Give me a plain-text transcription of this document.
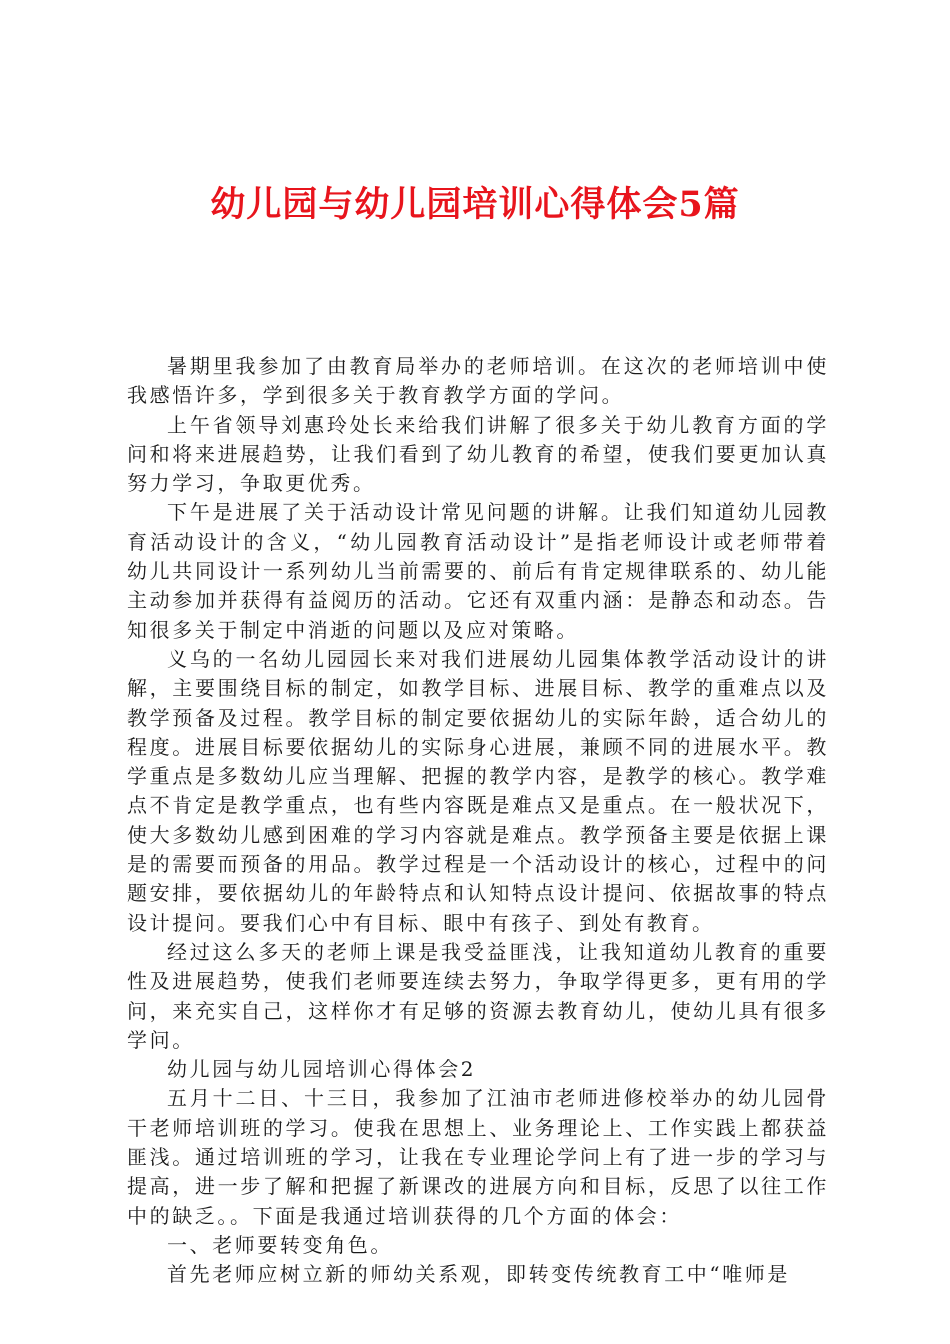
幼儿园与幼儿园培训心得体会5篇

暑期里我参加了由教育局举办的老师培训。在这次的老师培训中使我感悟许多，学到很多关于教育教学方面的学问。

上午省领导刘惠玲处长来给我们讲解了很多关于幼儿教育方面的学问和将来进展趋势，让我们看到了幼儿教育的希望，使我们要更加认真努力学习，争取更优秀。

下午是进展了关于活动设计常见问题的讲解。让我们知道幼儿园教育活动设计的含义，“幼儿园教育活动设计”是指老师设计或老师带着幼儿共同设计一系列幼儿当前需要的、前后有肯定规律联系的、幼儿能主动参加并获得有益阅历的活动。它还有双重内涵：是静态和动态。告知很多关于制定中消逝的问题以及应对策略。

义乌的一名幼儿园园长来对我们进展幼儿园集体教学活动设计的讲解，主要围绕目标的制定，如教学目标、进展目标、教学的重难点以及教学预备及过程。教学目标的制定要依据幼儿的实际年龄，适合幼儿的程度。进展目标要依据幼儿的实际身心进展，兼顾不同的进展水平。教学重点是多数幼儿应当理解、把握的教学内容，是教学的核心。教学难点不肯定是教学重点，也有些内容既是难点又是重点。在一般状况下，使大多数幼儿感到困难的学习内容就是难点。教学预备主要是依据上课是的需要而预备的用品。教学过程是一个活动设计的核心，过程中的问题安排，要依据幼儿的年龄特点和认知特点设计提问、依据故事的特点设计提问。要我们心中有目标、眼中有孩子、到处有教育。

经过这么多天的老师上课是我受益匪浅，让我知道幼儿教育的重要性及进展趋势，使我们老师要连续去努力，争取学得更多，更有用的学问，来充实自己，这样你才有足够的资源去教育幼儿，使幼儿具有很多学问。

幼儿园与幼儿园培训心得体会2

五月十二日、十三日，我参加了江油市老师进修校举办的幼儿园骨干老师培训班的学习。使我在思想上、业务理论上、工作实践上都获益匪浅。通过培训班的学习，让我在专业理论学问上有了进一步的学习与提高，进一步了解和把握了新课改的进展方向和目标，反思了以往工作中的缺乏。。下面是我通过培训获得的几个方面的体会：

一、老师要转变角色。

首先老师应树立新的师幼关系观，即转变传统教育工中“唯师是
